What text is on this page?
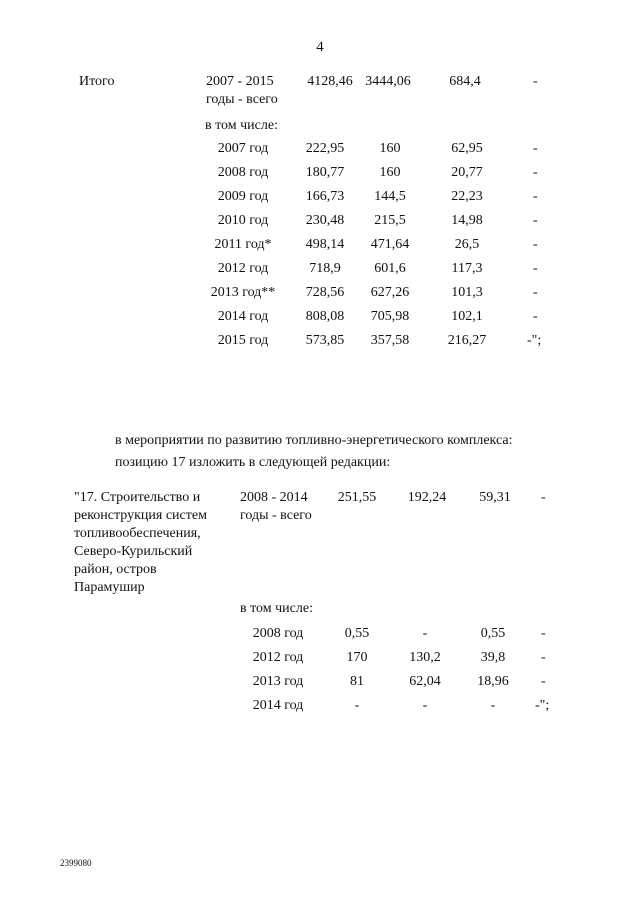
4
Итого	2007 - 2015
годы - всего
4128,46 3444,06	684,4	-
в том числе:
2007 год	222,95	160	62,95	-
2008 год	180,77	160	20,77	-
2009 год	166,73	144,5	22,23	-
2010 год	230,48	215,5	14,98	-
2011 год*	498,14	471,64	26,5	-
2012 год	718,9	601,6	117,3	-
2013 год**	728,56	627,26	101,3	-
2014 год	808,08	705,98	102,1	-
2015 год	573,85	357,58	216,27	-";
в мероприятии по развитию топливно-энергетического комплекса:
позицию 17 изложить в следующей редакции:
"17. Строительство и
реконструкция систем
топливообеспечения,
Северо-Курильский
район, остров
Парамушир
2008 - 2014
годы - всего
251,55	192,24	59,31	-
в том числе:
2008 год	0,55	-	0,55	-
2012 год	170	130,2	39,8	-
2013 год	81	62,04	18,96	-
2014 год	-	-	-	-";
2399080
